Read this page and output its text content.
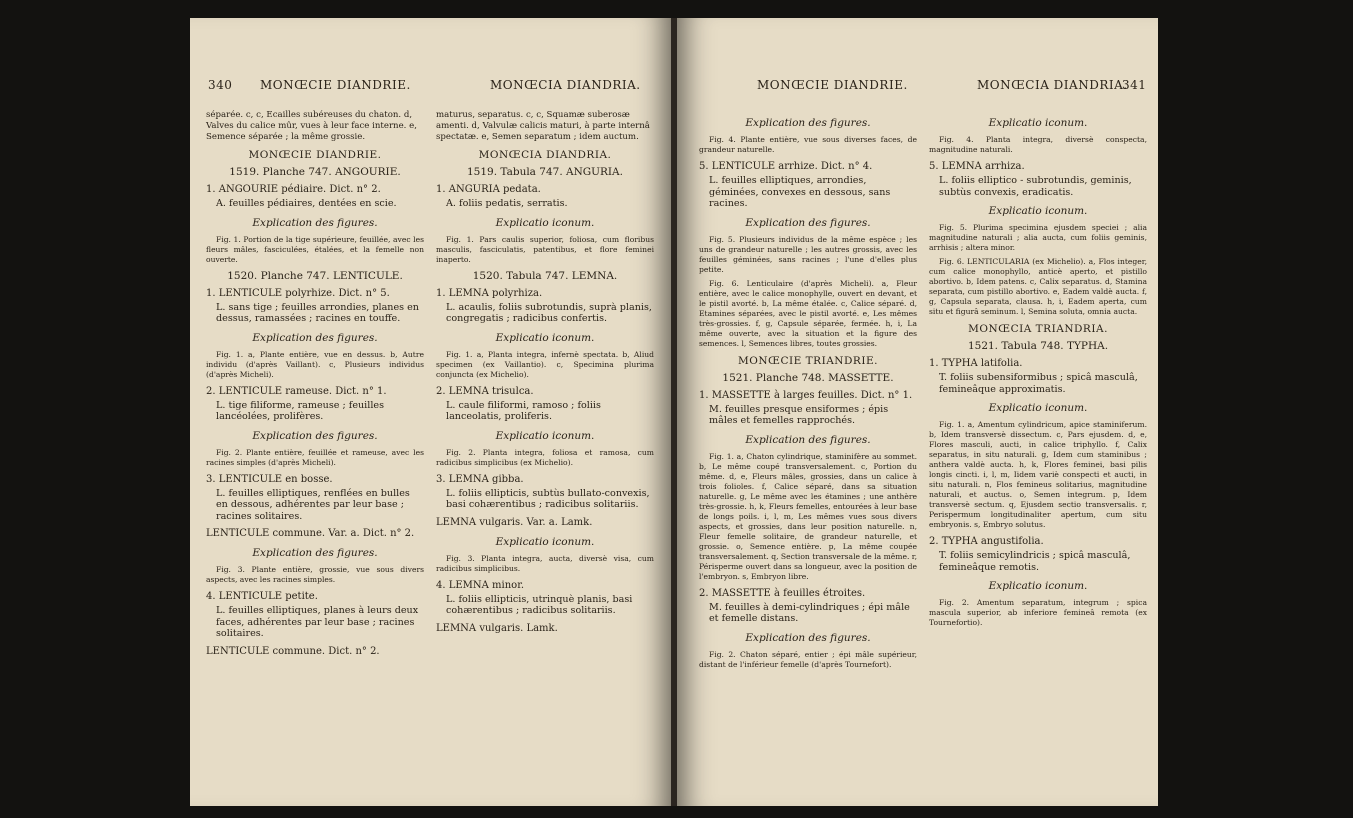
340 MONŒCIE DIANDRIE.	MONŒCIA DIANDRIA.

séparée. c, c, Ecailles subéreuses du chaton. d, Valves du calice mûr, vues à leur face interne. e, Semence séparée ; la même grossie.

MONŒCIE DIANDRIE.
1519. Planche 747. ANGOURIE.
1. ANGOURIE pédiaire. Dict. n° 2.
A. feuilles pédiaires, dentées en scie.
Explication des figures.

Fig. 1. Portion de la tige supérieure, feuillée, avec les fleurs mâles, fasciculées, étalées, et la femelle non ouverte.

1520. Planche 747. LENTICULE.
1. LENTICULE polyrhize. Dict. n° 5.
L. sans tige ; feuilles arrondies, planes en dessus, ramassées ; racines en touffe.
Explication des figures.

Fig. 1. a, Plante entière, vue en dessus. b, Autre individu (d'après Vaillant). c, Plusieurs individus (d'après Micheli).

2. LENTICULE rameuse. Dict. n° 1.
L. tige filiforme, rameuse ; feuilles lancéolées, prolifères.
Explication des figures.

Fig. 2. Plante entière, feuillée et rameuse, avec les racines simples (d'après Micheli).

3. LENTICULE en bosse.
L. feuilles elliptiques, renflées en bulles en dessous, adhérentes par leur base ; racines solitaires.
LENTICULE commune. Var. a. Dict. n° 2.
Explication des figures.

Fig. 3. Plante entière, grossie, vue sous divers aspects, avec les racines simples.

4. LENTICULE petite.
L. feuilles elliptiques, planes à leurs deux faces, adhérentes par leur base ; racines solitaires.
LENTICULE commune. Dict. n° 2.

maturus, separatus. c, c, Squamæ suberosæ amenti. d, Valvulæ calicis maturi, à parte internâ spectatæ. e, Semen separatum ; idem auctum.

MONŒCIA DIANDRIA.
1519. Tabula 747. ANGURIA.
1. ANGURIA pedata.
A. foliis pedatis, serratis.
Explicatio iconum.

Fig. 1. Pars caulis superior, foliosa, cum floribus masculis, fasciculatis, patentibus, et flore feminei inaperto.

1520. Tabula 747. LEMNA.
1. LEMNA polyrhiza.
L. acaulis, foliis subrotundis, suprà planis, congregatis ; radicibus confertis.
Explicatio iconum.

Fig. 1. a, Planta integra, infernè spectata. b, Aliud specimen (ex Vaillantio). c, Specimina plurima conjuncta (ex Michelio).

2. LEMNA trisulca.
L. caule filiformi, ramoso ; foliis lanceolatis, proliferis.
Explicatio iconum.

Fig. 2. Planta integra, foliosa et ramosa, cum radicibus simplicibus (ex Michelio).

3. LEMNA gibba.
L. foliis ellipticis, subtùs bullato-convexis, basi cohærentibus ; radicibus solitariis.
LEMNA vulgaris. Var. a. Lamk.
Explicatio iconum.

Fig. 3. Planta integra, aucta, diversè visa, cum radicibus simplicibus.

4. LEMNA minor.
L. foliis ellipticis, utrinquè planis, basi cohærentibus ; radicibus solitariis.
LEMNA vulgaris. Lamk.
MONŒCIE DIANDRIE.	MONŒCIA DIANDRIA.
341
Explication des figures.

Fig. 4. Plante entière, vue sous diverses faces, de grandeur naturelle.

5. LENTICULE arrhize. Dict. n° 4.
L. feuilles elliptiques, arrondies, géminées, convexes en dessous, sans racines.
Explication des figures.

Fig. 5. Plusieurs individus de la même espèce ; les uns de grandeur naturelle ; les autres grossis, avec les feuilles géminées, sans racines ; l'une d'elles plus petite.

Fig. 6. Lenticulaire (d'après Micheli). a, Fleur entière, avec le calice monophylle, ouvert en devant, et le pistil avorté. b, La même étalée. c, Calice séparé. d, Etamines séparées, avec le pistil avorté. e, Les mêmes très-grossies. f, g, Capsule séparée, fermée. h, i, La même ouverte, avec la situation et la figure des semences. l, Semences libres, toutes grossies.

MONŒCIE TRIANDRIE.
1521. Planche 748. MASSETTE.
1. MASSETTE à larges feuilles. Dict. n° 1.
M. feuilles presque ensiformes ; épis mâles et femelles rapprochés.
Explication des figures.

Fig. 1. a, Chaton cylindrique, staminifère au sommet. b, Le même coupé transversalement. c, Portion du même. d, e, Fleurs mâles, grossies, dans un calice à trois folioles. f, Calice séparé, dans sa situation naturelle. g, Le même avec les étamines ; une anthère très-grossie. h, k, Fleurs femelles, entourées à leur base de longs poils. i, l, m, Les mêmes vues sous divers aspects, et grossies, dans leur position naturelle. n, Fleur femelle solitaire, de grandeur naturelle, et grossie. o, Semence entière. p, La même coupée transversalement. q, Section transversale de la même. r, Périsperme ouvert dans sa longueur, avec la position de l'embryon. s, Embryon libre.

2. MASSETTE à feuilles étroites.
M. feuilles à demi-cylindriques ; épi mâle et femelle distans.
Explication des figures.

Fig. 2. Chaton séparé, entier ; épi mâle supérieur, distant de l'inférieur femelle (d'après Tournefort).

Explicatio iconum.

Fig. 4. Planta integra, diversè conspecta, magnitudine naturali.

5. LEMNA arrhiza.
L. foliis elliptico - subrotundis, geminis, subtùs convexis, eradicatis.
Explicatio iconum.

Fig. 5. Plurima specimina ejusdem speciei ; alia magnitudine naturali ; alia aucta, cum foliis geminis, arrhisis ; altera minor.

Fig. 6. LENTICULARIA (ex Michelio). a, Flos integer, cum calice monophyllo, anticè aperto, et pistillo abortivo. b, Idem patens. c, Calix separatus. d, Stamina separata, cum pistillo abortivo. e, Eadem valdè aucta. f, g, Capsula separata, clausa. h, i, Eadem aperta, cum situ et figurâ seminum. l, Semina soluta, omnia aucta.

MONŒCIA TRIANDRIA.
1521. Tabula 748. TYPHA.
1. TYPHA latifolia.
T. foliis subensiformibus ; spicâ masculâ, femineâque approximatis.
Explicatio iconum.

Fig. 1. a, Amentum cylindricum, apice staminiferum. b, Idem transversè dissectum. c, Pars ejusdem. d, e, Flores masculi, aucti, in calice triphyllo. f, Calix separatus, in situ naturali. g, Idem cum staminibus ; anthera valdè aucta. h, k, Flores feminei, basi pilis longis cincti. i, l, m, Iidem variè conspecti et aucti, in situ naturali. n, Flos femineus solitarius, magnitudine naturali, et auctus. o, Semen integrum. p, Idem transversè sectum. q, Ejusdem sectio transversalis. r, Perispermum longitudinaliter apertum, cum situ embryonis. s, Embryo solutus.

2. TYPHA angustifolia.
T. foliis semicylindricis ; spicâ masculâ, femineâque remotis.
Explicatio iconum.

Fig. 2. Amentum separatum, integrum ; spica mascula superior, ab inferiore femineâ remota (ex Tournefortio).
